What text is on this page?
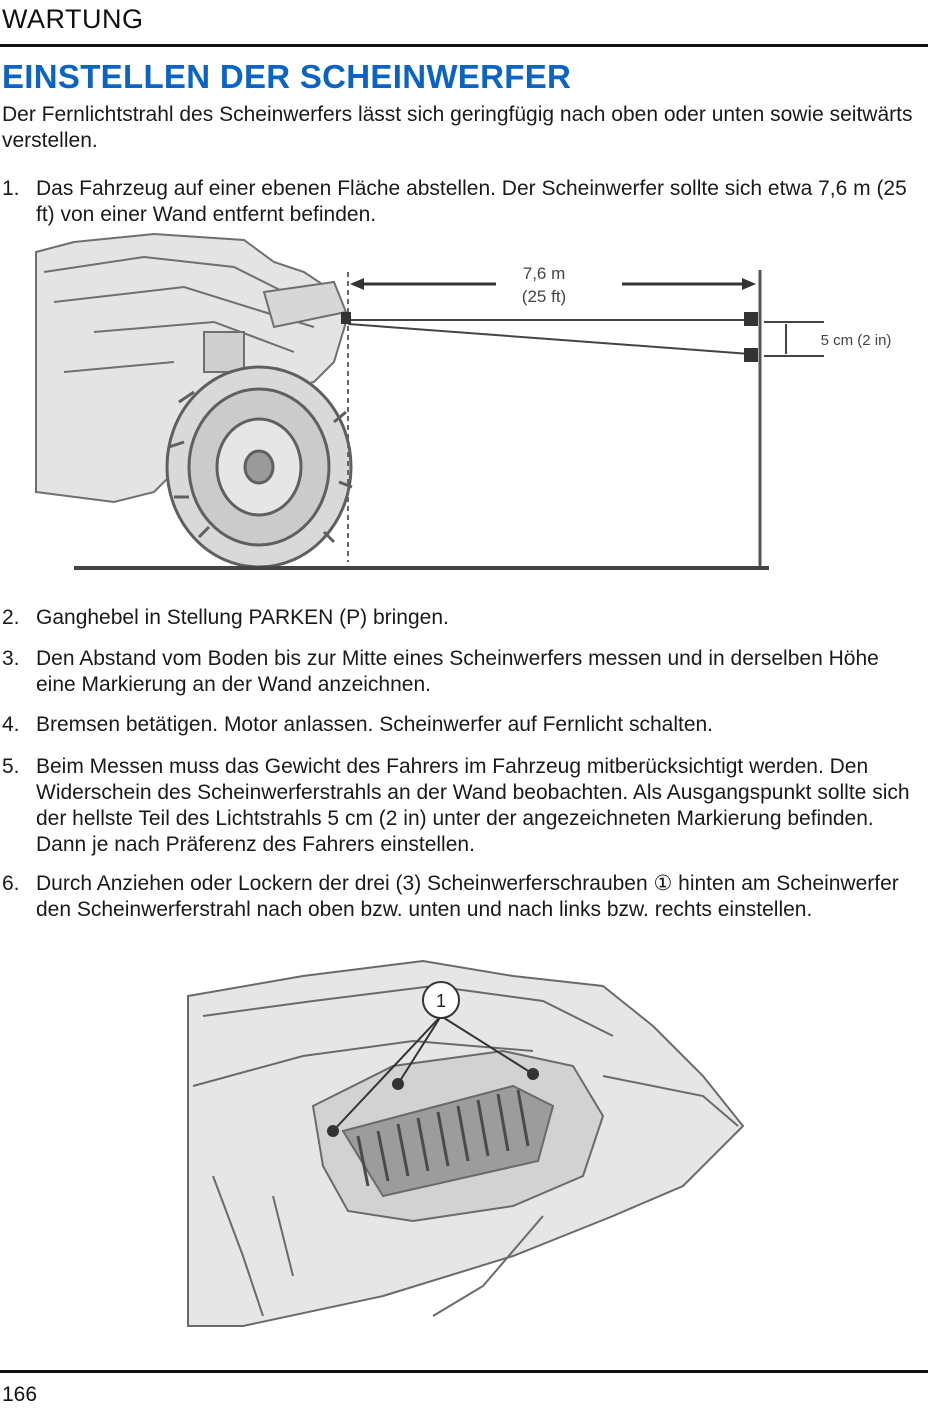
WARTUNG
EINSTELLEN DER SCHEINWERFER

Der Fernlichtstrahl des Scheinwerfers lässt sich geringfügig nach oben oder unten sowie seitwärts verstellen.

1. Das Fahrzeug auf einer ebenen Fläche abstellen. Der Scheinwerfer sollte sich etwa 7,6 m (25 ft) von einer Wand entfernt befinden.
7,6 m
(25 ft)
5 cm (2 in)
2. Ganghebel in Stellung PARKEN (P) bringen.
3. Den Abstand vom Boden bis zur Mitte eines Scheinwerfers messen und in derselben Höhe eine Markierung an der Wand anzeichnen.
4. Bremsen betätigen. Motor anlassen. Scheinwerfer auf Fernlicht schalten.
5. Beim Messen muss das Gewicht des Fahrers im Fahrzeug mitberücksichtigt werden. Den Widerschein des Scheinwerferstrahls an der Wand beobachten. Als Ausgangspunkt sollte sich der hellste Teil des Lichtstrahls 5 cm (2 in) unter der angezeichneten Markierung befinden. Dann je nach Präferenz des Fahrers einstellen.
6. Durch Anziehen oder Lockern der drei (3) Scheinwerferschrauben ① hinten am Scheinwerfer den Scheinwerferstrahl nach oben bzw. unten und nach links bzw. rechts einstellen.
1
166
